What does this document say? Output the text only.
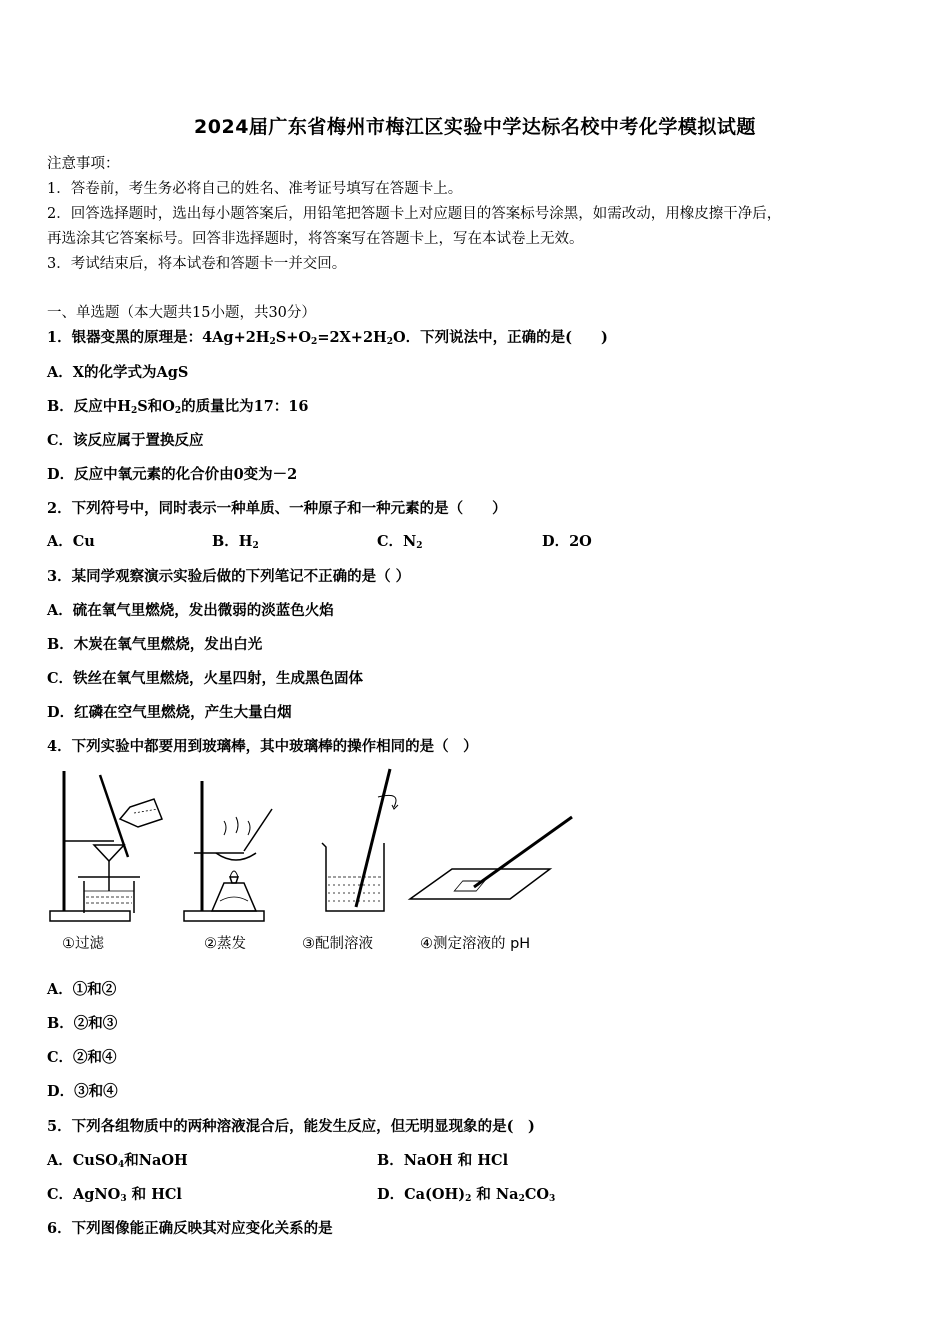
2024届广东省梅州市梅江区实验中学达标名校中考化学模拟试题
注意事项：
1．答卷前，考生务必将自己的姓名、准考证号填写在答题卡上。
2．回答选择题时，选出每小题答案后，用铅笔把答题卡上对应题目的答案标号涂黑，如需改动，用橡皮擦干净后，
再选涂其它答案标号。回答非选择题时，将答案写在答题卡上，写在本试卷上无效。
3．考试结束后，将本试卷和答题卡一并交回。
一、单选题（本大题共15小题，共30分）
1．银器变黑的原理是：$4Ag+2H_2S+O_2=2X+2H_2O$．下列说法中，正确的是(　　)
A．X的化学式为AgS
B．反应中$H_2S$和$O_2$的质量比为17：16
C．该反应属于置换反应
D．反应中氧元素的化合价由0变为－2
2．下列符号中，同时表示一种单质、一种原子和一种元素的是（　　）
A．Cu	B．$H_2$	C．$N_2$	D．2O
3．某同学观察演示实验后做的下列笔记不正确的是（ ）
A．硫在氧气里燃烧，发出微弱的淡蓝色火焰
B．木炭在氧气里燃烧，发出白光
C．铁丝在氧气里燃烧，火星四射，生成黑色固体
D．红磷在空气里燃烧，产生大量白烟
4．下列实验中都要用到玻璃棒，其中玻璃棒的操作相同的是（　）
①过滤	②蒸发	③配制溶液	④测定溶液的 pH
A．①和②
B．②和③
C．②和④
D．③和④
5．下列各组物质中的两种溶液混合后，能发生反应，但无明显现象的是(　)
A．CuSO$_4$和NaOH	B．NaOH 和 HCl
C．AgNO$_3$ 和 HCl	D．$Ca(OH)_2$ 和 $Na_2CO_3$
6．下列图像能正确反映其对应变化关系的是
